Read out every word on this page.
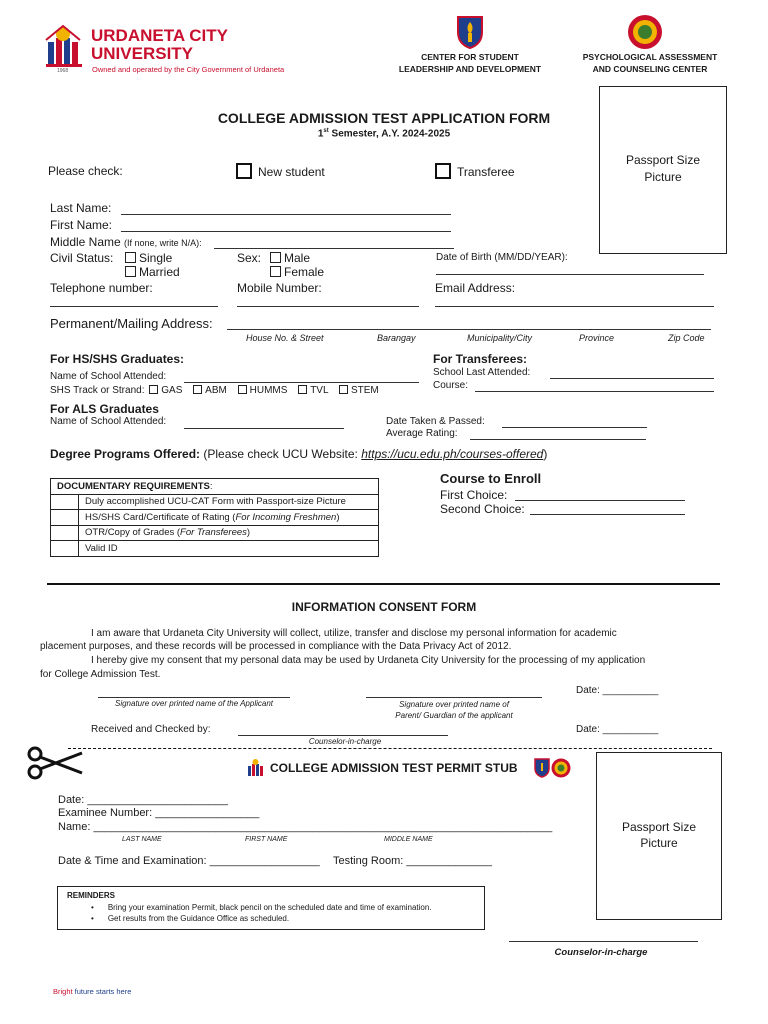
1968
URDANETA CITY
UNIVERSITY
Owned and operated by the City Government of Urdaneta
CENTER FOR STUDENT
LEADERSHIP AND DEVELOPMENT
PSYCHOLOGICAL ASSESSMENT
AND COUNSELING CENTER
COLLEGE ADMISSION TEST APPLICATION FORM
1st Semester, A.Y. 2024-2025
Passport Size
Picture
Please check:	New student	Transferee
Last Name:
First Name:
Middle Name (If none, write N/A):
Civil Status:	Single
Married
Sex:	Male
Female
Date of Birth (MM/DD/YEAR):
Telephone number:	Mobile Number:	Email Address:
Permanent/Mailing Address:
House No. & Street	Barangay	Municipality/City	Province	Zip Code
For HS/SHS Graduates:
Name of School Attended:
SHS Track or Strand: GAS ABM HUMMS TVL STEM
For Transferees:
School Last Attended:
Course:
For ALS Graduates
Name of School Attended:	Date Taken & Passed:
Average Rating:
Degree Programs Offered: (Please check UCU Website: https://ucu.edu.ph/courses-offered)
DOCUMENTARY REQUIREMENTS:	
	Duly accomplished UCU-CAT Form with Passport-size Picture
	HS/SHS Card/Certificate of Rating (For Incoming Freshmen)
	OTR/Copy of Grades (For Transferees)
	Valid ID
Course to Enroll
First Choice:
Second Choice:
INFORMATION CONSENT FORM
I am aware that Urdaneta City University will collect, utilize, transfer and disclose my personal information for academic
placement purposes, and these records will be processed in compliance with the Data Privacy Act of 2012.
I hereby give my consent that my personal data may be used by Urdaneta City University for the processing of my application
for College Admission Test.
Signature over printed name of the Applicant	Signature over printed name of
Parent/ Guardian of the applicant
Date: __________
Received and Checked by:
Counselor-in-charge
Date: __________
COLLEGE ADMISSION TEST PERMIT STUB
Passport Size
Picture
Date: _______________________
Examinee Number: _________________
Name: ___________________________________________________________________________
LAST NAME	FIRST NAME	MIDDLE NAME
Date & Time and Examination: __________________ Testing Room: ______________
REMINDERS
• Bring your examination Permit, black pencil on the scheduled date and time of examination.
• Get results from the Guidance Office as scheduled.
Counselor-in-charge
Bright future starts here
